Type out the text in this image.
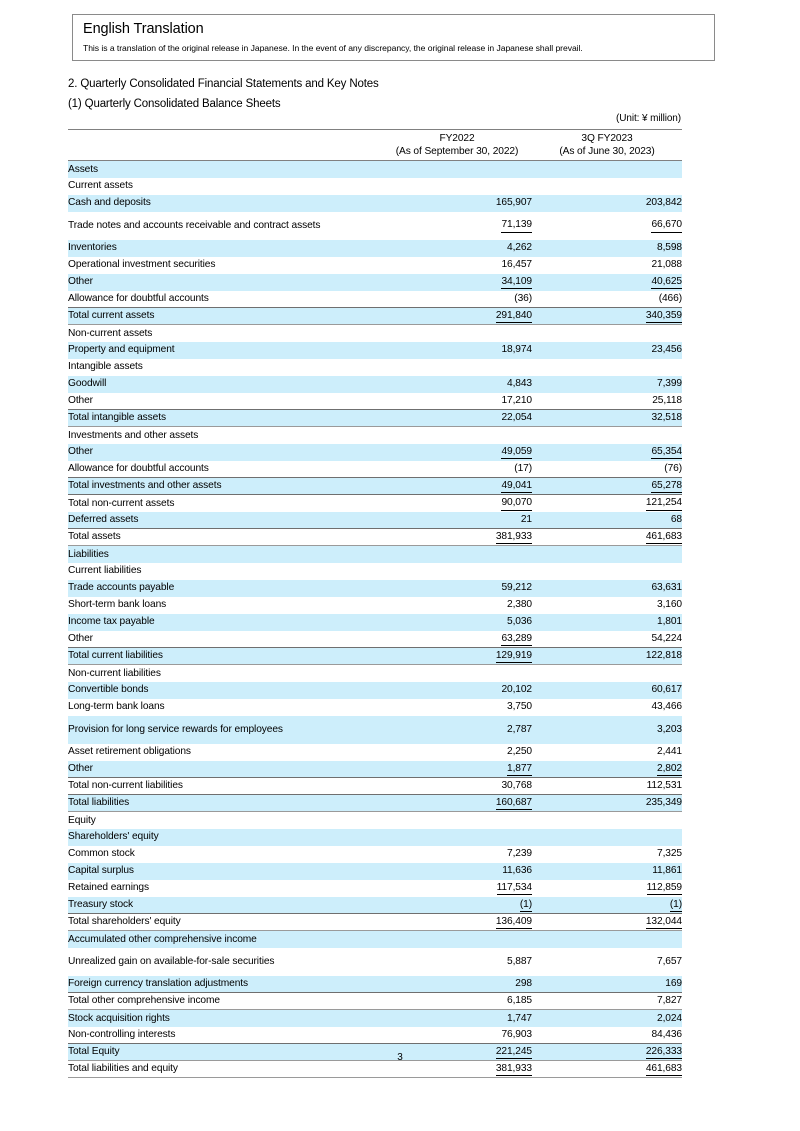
English Translation
This is a translation of the original release in Japanese. In the event of any discrepancy, the original release in Japanese shall prevail.
2. Quarterly Consolidated Financial Statements and Key Notes
(1) Quarterly Consolidated Balance Sheets
(Unit: ¥ million)

FY2022
(As of September 30, 2022)

3Q FY2023
(As of June 30, 2023)

Assets		
Current assets		
Cash and deposits	165,907	203,842
Trade notes and accounts receivable and contract assets	71,139	66,670
Inventories	4,262	8,598
Operational investment securities	16,457	21,088
Other	34,109	40,625
Allowance for doubtful accounts	(36)	(466)
Total current assets	291,840	340,359
Non-current assets		
Property and equipment	18,974	23,456
Intangible assets		
Goodwill	4,843	7,399
Other	17,210	25,118
Total intangible assets	22,054	32,518
Investments and other assets		
Other	49,059	65,354
Allowance for doubtful accounts	(17)	(76)
Total investments and other assets	49,041	65,278
Total non-current assets	90,070	121,254
Deferred assets	21	68
Total assets	381,933	461,683
Liabilities		
Current liabilities		
Trade accounts payable	59,212	63,631
Short-term bank loans	2,380	3,160
Income tax payable	5,036	1,801
Other	63,289	54,224
Total current liabilities	129,919	122,818
Non-current liabilities		
Convertible bonds	20,102	60,617
Long-term bank loans	3,750	43,466
Provision for long service rewards for employees	2,787	3,203
Asset retirement obligations	2,250	2,441
Other	1,877	2,802
Total non-current liabilities	30,768	112,531
Total liabilities	160,687	235,349
Equity		
Shareholders' equity		
Common stock	7,239	7,325
Capital surplus	11,636	11,861
Retained earnings	117,534	112,859
Treasury stock	(1)	(1)
Total shareholders' equity	136,409	132,044
Accumulated other comprehensive income		
Unrealized gain on available-for-sale securities	5,887	7,657
Foreign currency translation adjustments	298	169
Total other comprehensive income	6,185	7,827
Stock acquisition rights	1,747	2,024
Non-controlling interests	76,903	84,436
Total Equity	221,245	226,333
Total liabilities and equity	381,933	461,683
3
